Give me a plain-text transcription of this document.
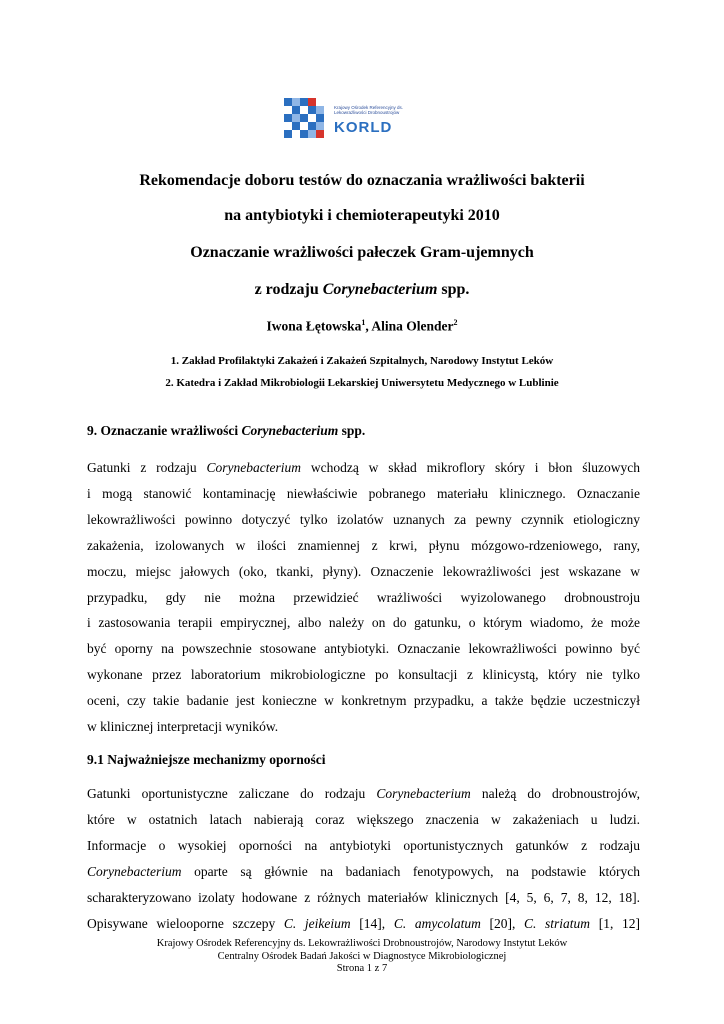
Krajowy Ośrodek Referencyjny ds. Lekowrażliwości Drobnoustrojów
KORLD
Rekomendacje doboru testów do oznaczania wrażliwości bakterii
na antybiotyki i chemioterapeutyki 2010
Oznaczanie wrażliwości pałeczek Gram-ujemnych
z rodzaju Corynebacterium spp.
Iwona Łętowska$^1$, Alina Olender$^2$
1. Zakład Profilaktyki Zakażeń i Zakażeń Szpitalnych, Narodowy Instytut Leków
2. Katedra i Zakład Mikrobiologii Lekarskiej Uniwersytetu Medycznego w Lublinie
9. Oznaczanie wrażliwości Corynebacterium spp.
Gatunki z rodzaju Corynebacterium wchodzą w skład mikroflory skóry i błon śluzowych
i mogą stanowić kontaminację niewłaściwie pobranego materiału klinicznego. Oznaczanie
lekowrażliwości powinno dotyczyć tylko izolatów uznanych za pewny czynnik etiologiczny
zakażenia, izolowanych w ilości znamiennej z krwi, płynu mózgowo-rdzeniowego, rany,
moczu, miejsc jałowych (oko, tkanki, płyny). Oznaczenie lekowrażliwości jest wskazane w
przypadku, gdy nie można przewidzieć wrażliwości wyizolowanego drobnoustroju
i zastosowania terapii empirycznej, albo należy on do gatunku, o którym wiadomo, że może
być oporny na powszechnie stosowane antybiotyki. Oznaczanie lekowrażliwości powinno być
wykonane przez laboratorium mikrobiologiczne po konsultacji z klinicystą, który nie tylko
oceni, czy takie badanie jest konieczne w konkretnym przypadku, a także będzie uczestniczył
w klinicznej interpretacji wyników.
9.1 Najważniejsze mechanizmy oporności
Gatunki oportunistyczne zaliczane do rodzaju Corynebacterium należą do drobnoustrojów,
które w ostatnich latach nabierają coraz większego znaczenia w zakażeniach u ludzi.
Informacje o wysokiej oporności na antybiotyki oportunistycznych gatunków z rodzaju
Corynebacterium oparte są głównie na badaniach fenotypowych, na podstawie których
scharakteryzowano izolaty hodowane z różnych materiałów klinicznych [4, 5, 6, 7, 8, 12, 18].
Opisywane wielooporne szczepy C. jeikeium [14], C. amycolatum [20], C. striatum [1, 12]
Krajowy Ośrodek Referencyjny ds. Lekowrażliwości Drobnoustrojów, Narodowy Instytut Leków
Centralny Ośrodek Badań Jakości w Diagnostyce Mikrobiologicznej
Strona 1 z 7
